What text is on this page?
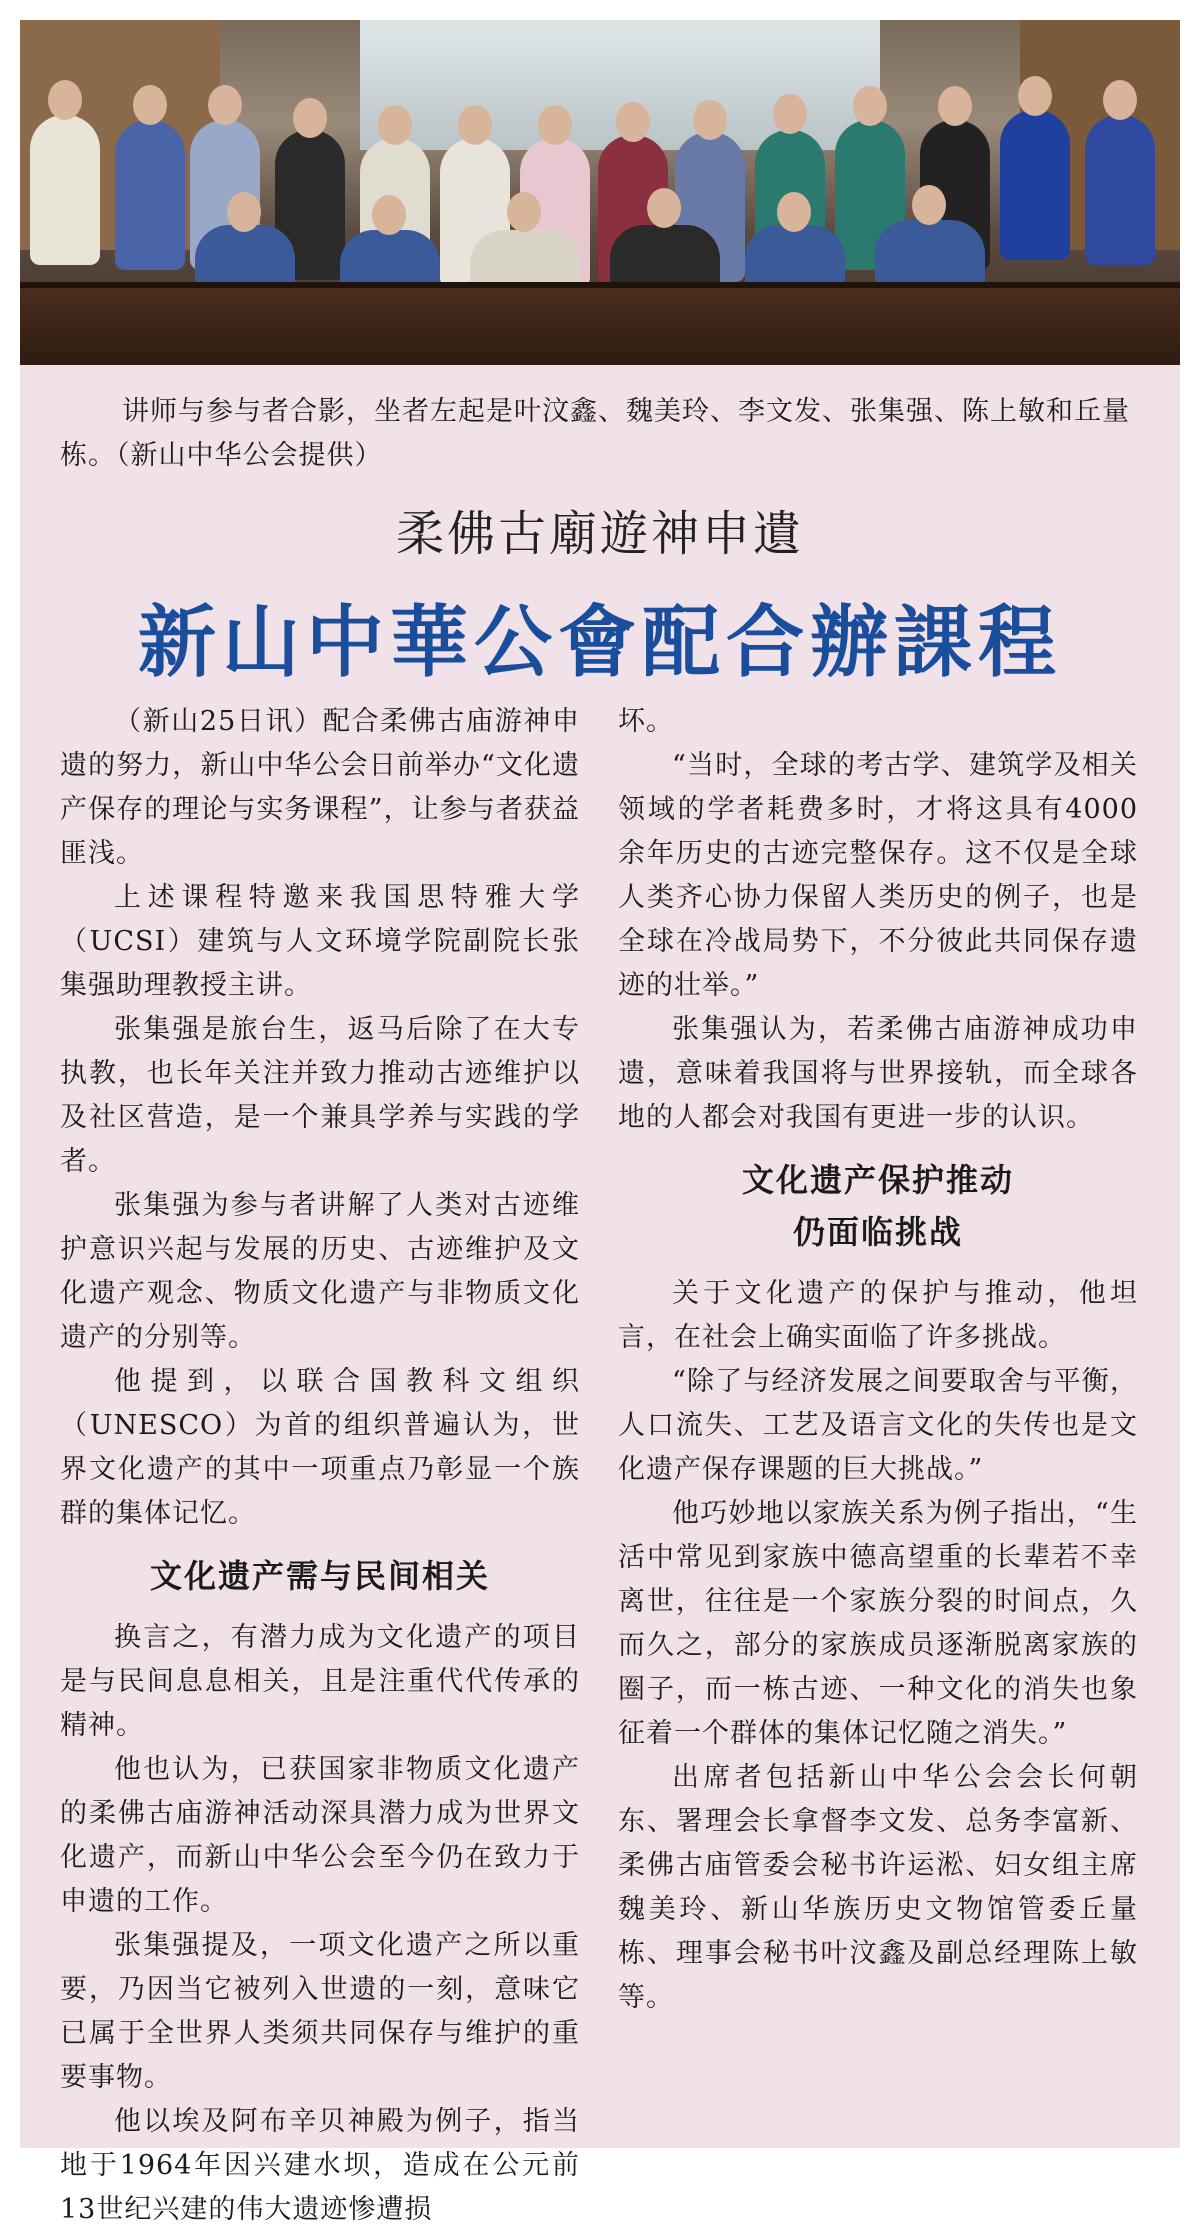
讲师与参与者合影，坐者左起是叶汶鑫、魏美玲、李文发、张集强、陈上敏和丘量栋。（新山中华公会提供）
柔佛古廟遊神申遺
新山中華公會配合辦課程

（新山25日讯）配合柔佛古庙游神申遗的努力，新山中华公会日前举办“文化遗产保存的理论与实务课程”，让参与者获益匪浅。

上述课程特邀来我国思特雅大学（UCSI）建筑与人文环境学院副院长张集强助理教授主讲。

张集强是旅台生，返马后除了在大专执教，也长年关注并致力推动古迹维护以及社区营造，是一个兼具学养与实践的学者。

张集强为参与者讲解了人类对古迹维护意识兴起与发展的历史、古迹维护及文化遗产观念、物质文化遗产与非物质文化遗产的分别等。

他提到，以联合国教科文组织（UNESCO）为首的组织普遍认为，世界文化遗产的其中一项重点乃彰显一个族群的集体记忆。

文化遗产需与民间相关

换言之，有潜力成为文化遗产的项目是与民间息息相关，且是注重代代传承的精神。

他也认为，已获国家非物质文化遗产的柔佛古庙游神活动深具潜力成为世界文化遗产，而新山中华公会至今仍在致力于申遗的工作。

张集强提及，一项文化遗产之所以重要，乃因当它被列入世遗的一刻，意味它已属于全世界人类须共同保存与维护的重要事物。

他以埃及阿布辛贝神殿为例子，指当地于1964年因兴建水坝，造成在公元前13世纪兴建的伟大遗迹惨遭损

坏。

“当时，全球的考古学、建筑学及相关领域的学者耗费多时，才将这具有4000余年历史的古迹完整保存。这不仅是全球人类齐心协力保留人类历史的例子，也是全球在冷战局势下，不分彼此共同保存遗迹的壮举。”

张集强认为，若柔佛古庙游神成功申遗，意味着我国将与世界接轨，而全球各地的人都会对我国有更进一步的认识。

文化遗产保护推动
仍面临挑战

关于文化遗产的保护与推动，他坦言，在社会上确实面临了许多挑战。

“除了与经济发展之间要取舍与平衡，人口流失、工艺及语言文化的失传也是文化遗产保存课题的巨大挑战。”

他巧妙地以家族关系为例子指出，“生活中常见到家族中德高望重的长辈若不幸离世，往往是一个家族分裂的时间点，久而久之，部分的家族成员逐渐脱离家族的圈子，而一栋古迹、一种文化的消失也象征着一个群体的集体记忆随之消失。”

出席者包括新山中华公会会长何朝东、署理会长拿督李文发、总务李富新、柔佛古庙管委会秘书许运淞、妇女组主席魏美玲、新山华族历史文物馆管委丘量栋、理事会秘书叶汶鑫及副总经理陈上敏等。
